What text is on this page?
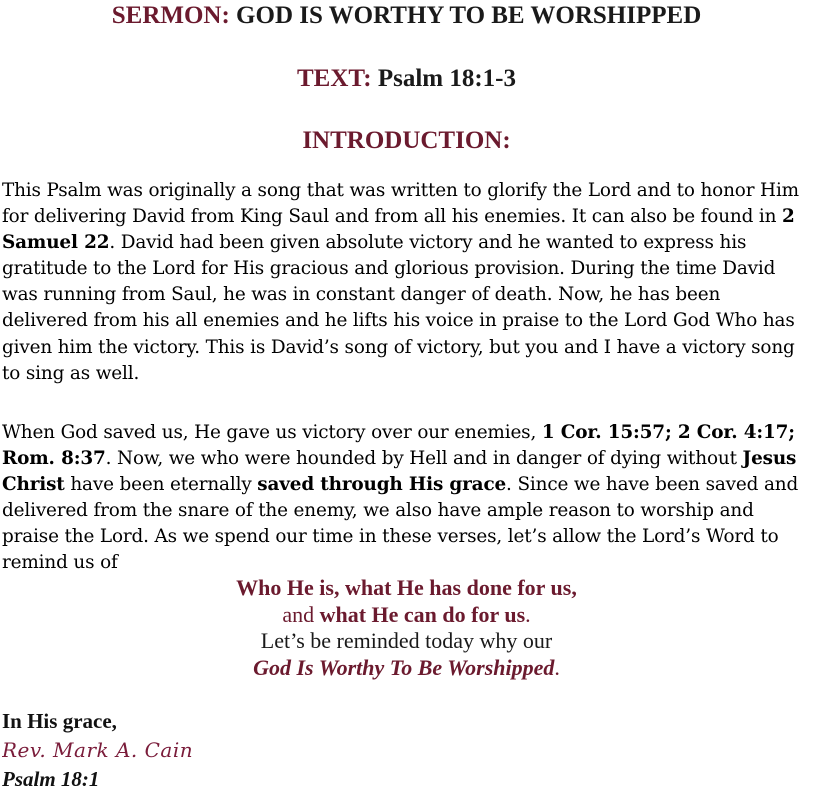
SERMON: GOD IS WORTHY TO BE WORSHIPPED
TEXT: Psalm 18:1-3
INTRODUCTION:

This Psalm was originally a song that was written to glorify the Lord and to honor Him for delivering David from King Saul and from all his enemies. It can also be found in 2 Samuel 22. David had been given absolute victory and he wanted to express his gratitude to the Lord for His gracious and glorious provision. During the time David was running from Saul, he was in constant danger of death. Now, he has been delivered from his all enemies and he lifts his voice in praise to the Lord God Who has given him the victory. This is David’s song of victory, but you and I have a victory song to sing as well.

When God saved us, He gave us victory over our enemies, 1 Cor. 15:57; 2 Cor. 4:17; Rom. 8:37. Now, we who were hounded by Hell and in danger of dying without Jesus Christ have been eternally saved through His grace. Since we have been saved and delivered from the snare of the enemy, we also have ample reason to worship and praise the Lord. As we spend our time in these verses, let’s allow the Lord’s Word to remind us of

Who He is, what He has done for us,
and what He can do for us.
Let’s be reminded today why our
God Is Worthy To Be Worshipped.
In His grace,
Rev. Mark A. Cain
Psalm 18:1
